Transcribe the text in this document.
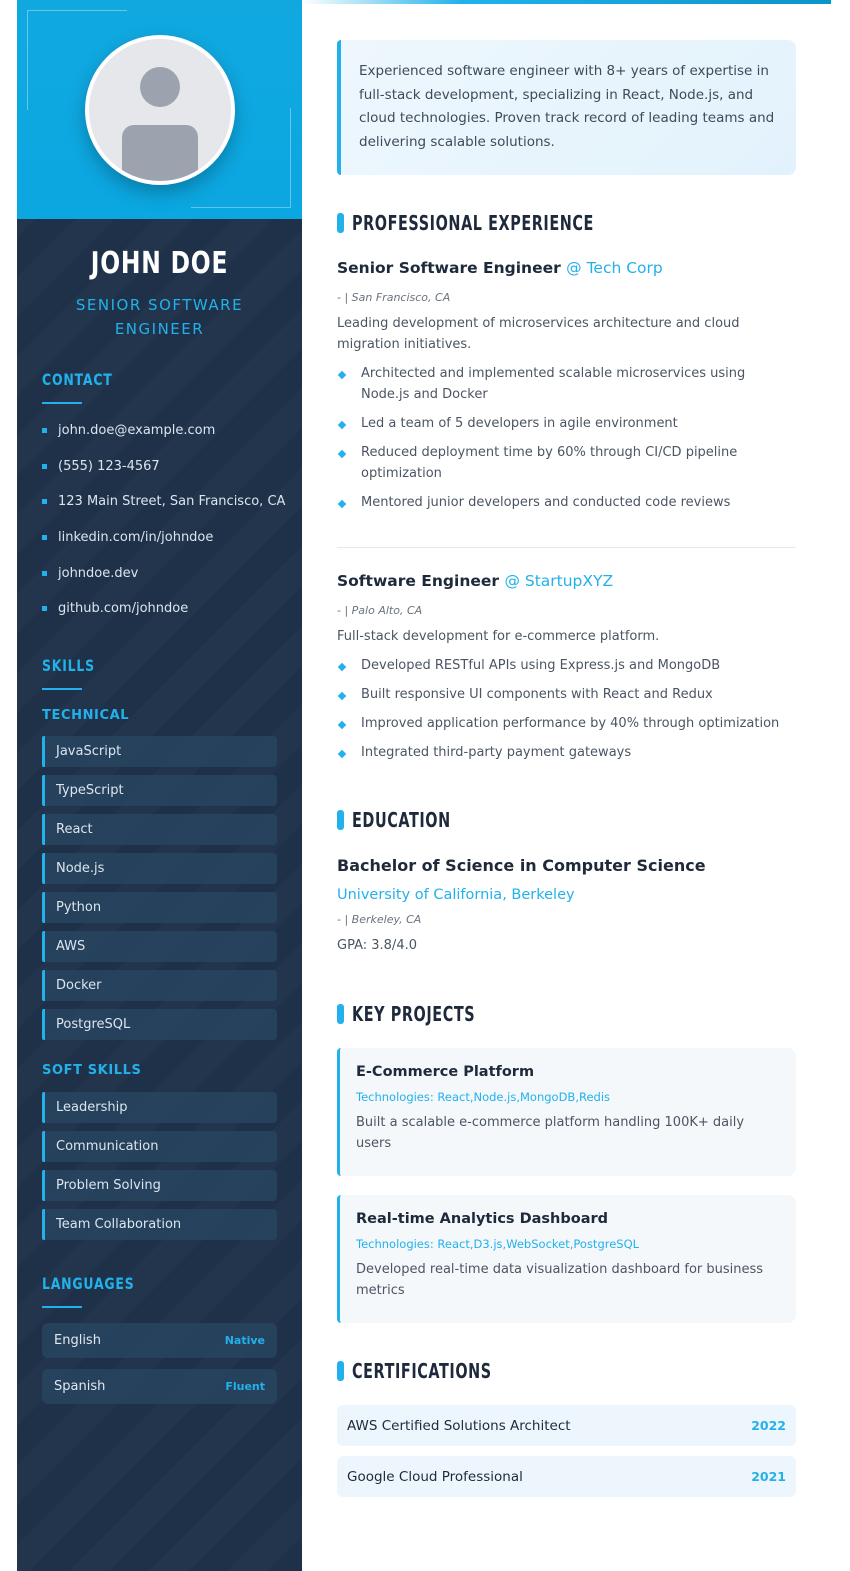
JOHN DOE
SENIOR SOFTWARE ENGINEER
CONTACT
john.doe@example.com
(555) 123-4567
123 Main Street, San Francisco, CA
linkedin.com/in/johndoe
johndoe.dev
github.com/johndoe
SKILLS
TECHNICAL
JavaScript
TypeScript
React
Node.js
Python
AWS
Docker
PostgreSQL
SOFT SKILLS
Leadership
Communication
Problem Solving
Team Collaboration
LANGUAGES
English	Native
Spanish	Fluent
Experienced software engineer with 8+ years of expertise in full-stack development, specializing in React, Node.js, and cloud technologies. Proven track record of leading teams and delivering scalable solutions.
PROFESSIONAL EXPERIENCE
Senior Software Engineer @ Tech Corp
- | San Francisco, CA
Leading development of microservices architecture and cloud migration initiatives.
Architected and implemented scalable microservices using Node.js and Docker
Led a team of 5 developers in agile environment
Reduced deployment time by 60% through CI/CD pipeline optimization
Mentored junior developers and conducted code reviews
Software Engineer @ StartupXYZ
- | Palo Alto, CA
Full-stack development for e-commerce platform.
Developed RESTful APIs using Express.js and MongoDB
Built responsive UI components with React and Redux
Improved application performance by 40% through optimization
Integrated third-party payment gateways
EDUCATION
Bachelor of Science in Computer Science
University of California, Berkeley
- | Berkeley, CA
GPA: 3.8/4.0
KEY PROJECTS
E-Commerce Platform
Technologies: React,Node.js,MongoDB,Redis
Built a scalable e-commerce platform handling 100K+ daily users
Real-time Analytics Dashboard
Technologies: React,D3.js,WebSocket,PostgreSQL
Developed real-time data visualization dashboard for business metrics
CERTIFICATIONS
AWS Certified Solutions Architect	2022
Google Cloud Professional	2021
